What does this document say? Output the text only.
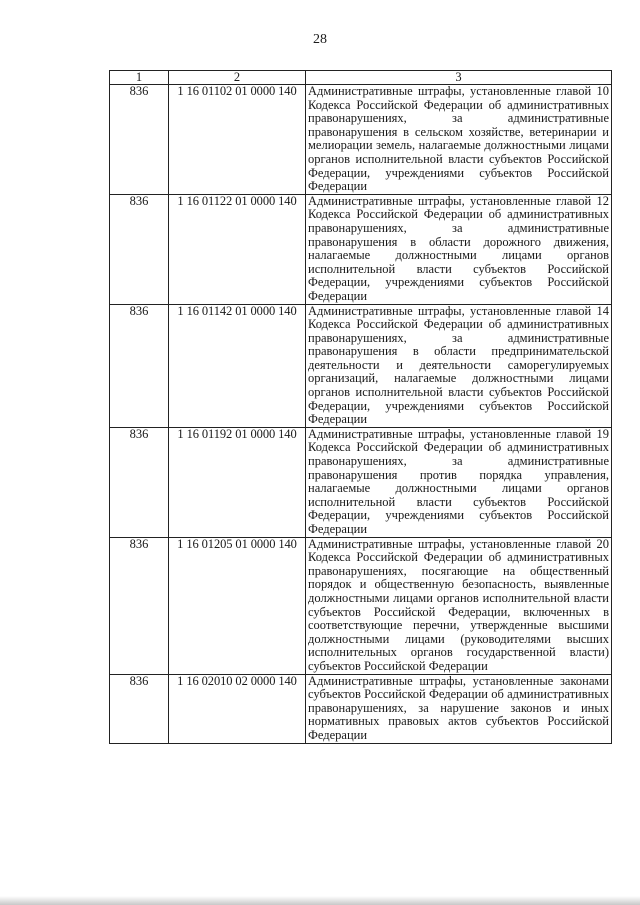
28
1	2	3
836	1 16 01102 01 0000 140	Административные штрафы, установленные главой 10 Кодекса Российской Федерации об административных правонарушениях, за административные правонарушения в сельском хозяйстве, ветеринарии и мелиорации земель, налагаемые должностными лицами органов исполнительной власти субъектов Российской Федерации, учреждениями субъектов Российской Федерации
836	1 16 01122 01 0000 140	Административные штрафы, установленные главой 12 Кодекса Российской Федерации об административных правонарушениях, за административные правонарушения в области дорожного движения, налагаемые должностными лицами органов исполнительной власти субъектов Российской Федерации, учреждениями субъектов Российской Федерации
836	1 16 01142 01 0000 140	Административные штрафы, установленные главой 14 Кодекса Российской Федерации об административных правонарушениях, за административные правонарушения в области предпринимательской деятельности и деятельности саморегулируемых организаций, налагаемые должностными лицами органов исполнительной власти субъектов Российской Федерации, учреждениями субъектов Российской Федерации
836	1 16 01192 01 0000 140	Административные штрафы, установленные главой 19 Кодекса Российской Федерации об административных правонарушениях, за административные правонарушения против порядка управления, налагаемые должностными лицами органов исполнительной власти субъектов Российской Федерации, учреждениями субъектов Российской Федерации
836	1 16 01205 01 0000 140	Административные штрафы, установленные главой 20 Кодекса Российской Федерации об административных правонарушениях, посягающие на общественный порядок и общественную безопасность, выявленные должностными лицами органов исполнительной власти субъектов Российской Федерации, включенных в соответствующие перечни, утвержденные высшими должностными лицами (руководителями высших исполнительных органов государственной власти) субъектов Российской Федерации
836	1 16 02010 02 0000 140	Административные штрафы, установленные законами субъектов Российской Федерации об административных правонарушениях, за нарушение законов и иных нормативных правовых актов субъектов Российской Федерации
